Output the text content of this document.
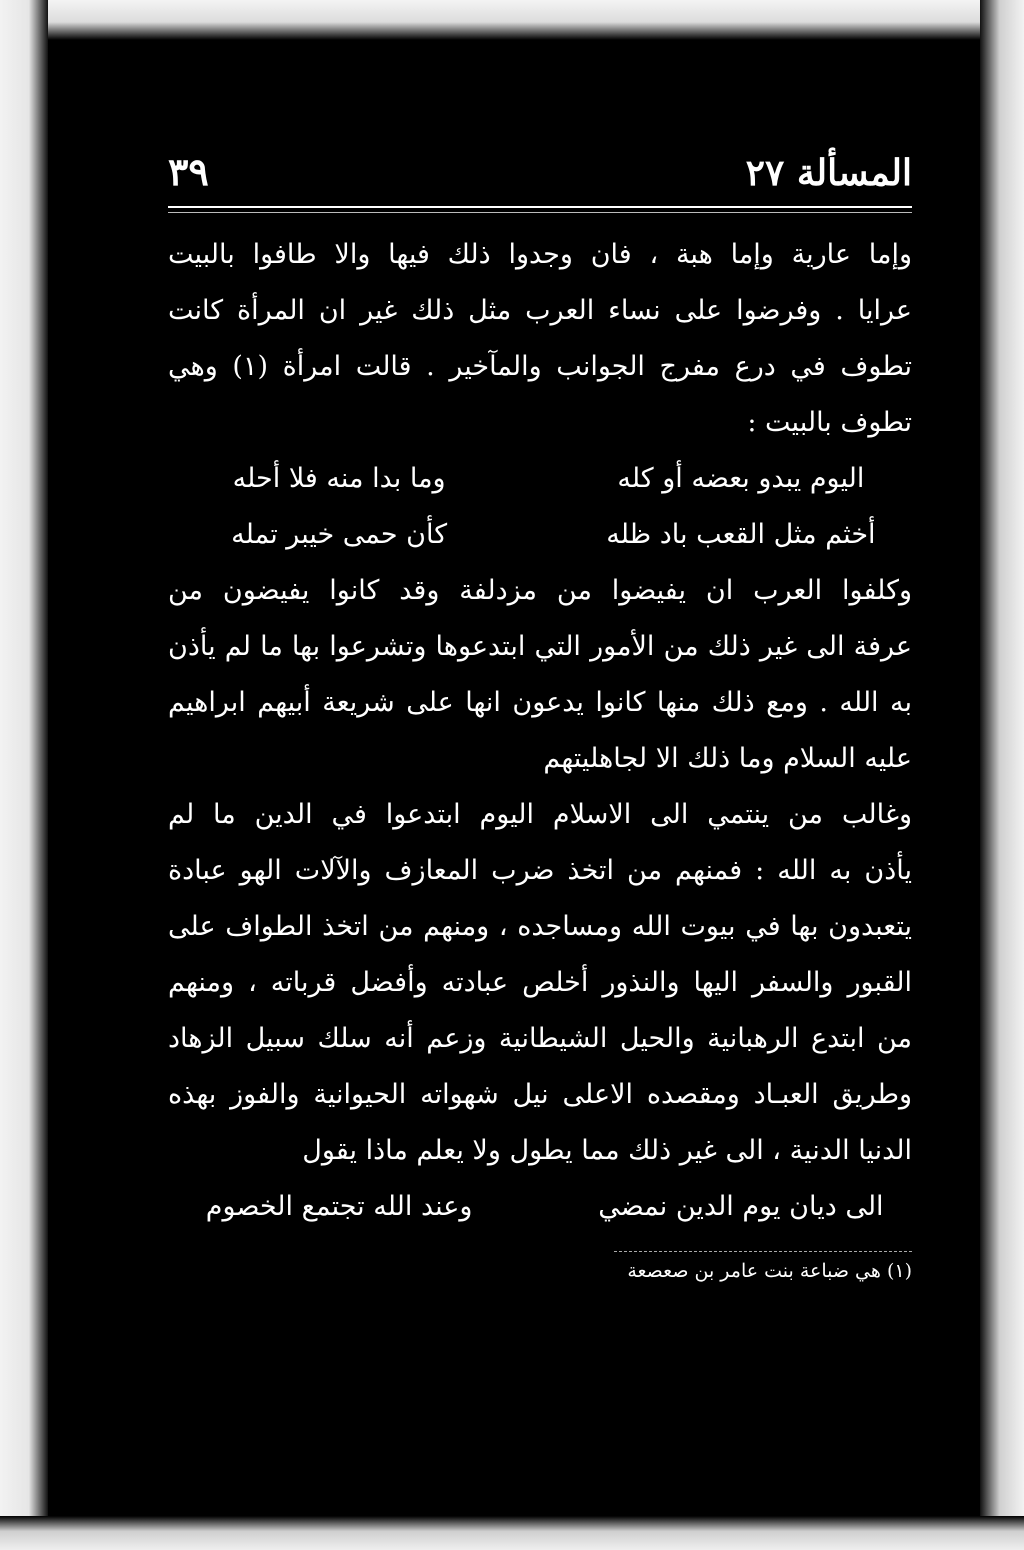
المسألة ٢٧
٣٩
وإما عارية وإما هبة ، فان وجدوا ذلك فيها والا طافوا بالبيت
عرايا . وفرضوا على نساء العرب مثل ذلك غير ان المرأة كانت
تطوف في درع مفرج الجوانب والمآخير . قالت امرأة (١) وهي
تطوف بالبيت :
اليوم يبدو بعضه أو كله
وما بدا منه فلا أحله
أخثم مثل القعب باد ظله
كأن حمى خيبر تمله
وكلفوا العرب ان يفيضوا من مزدلفة وقد كانوا يفيضون من
عرفة الى غير ذلك من الأمور التي ابتدعوها وتشرعوا بها ما لم يأذن
به الله . ومع ذلك منها كانوا يدعون انها على شريعة أبيهم ابراهيم
عليه السلام وما ذلك الا لجاهليتهم
وغالب من ينتمي الى الاسلام اليوم ابتدعوا في الدين ما لم
يأذن به الله : فمنهم من اتخذ ضرب المعازف والآلات الهو عبادة
يتعبدون بها في بيوت الله ومساجده ، ومنهم من اتخذ الطواف على
القبور والسفر اليها والنذور أخلص عبادته وأفضل قرباته ، ومنهم
من ابتدع الرهبانية والحيل الشيطانية وزعم أنه سلك سبيل الزهاد
وطريق العبـاد ومقصده الاعلى نيل شهواته الحيوانية والفوز بهذه
الدنيا الدنية ، الى غير ذلك مما يطول ولا يعلم ماذا يقول
الى ديان يوم الدين نمضي
وعند الله تجتمع الخصوم
(١) هي ضباعة بنت عامر بن صعصعة
